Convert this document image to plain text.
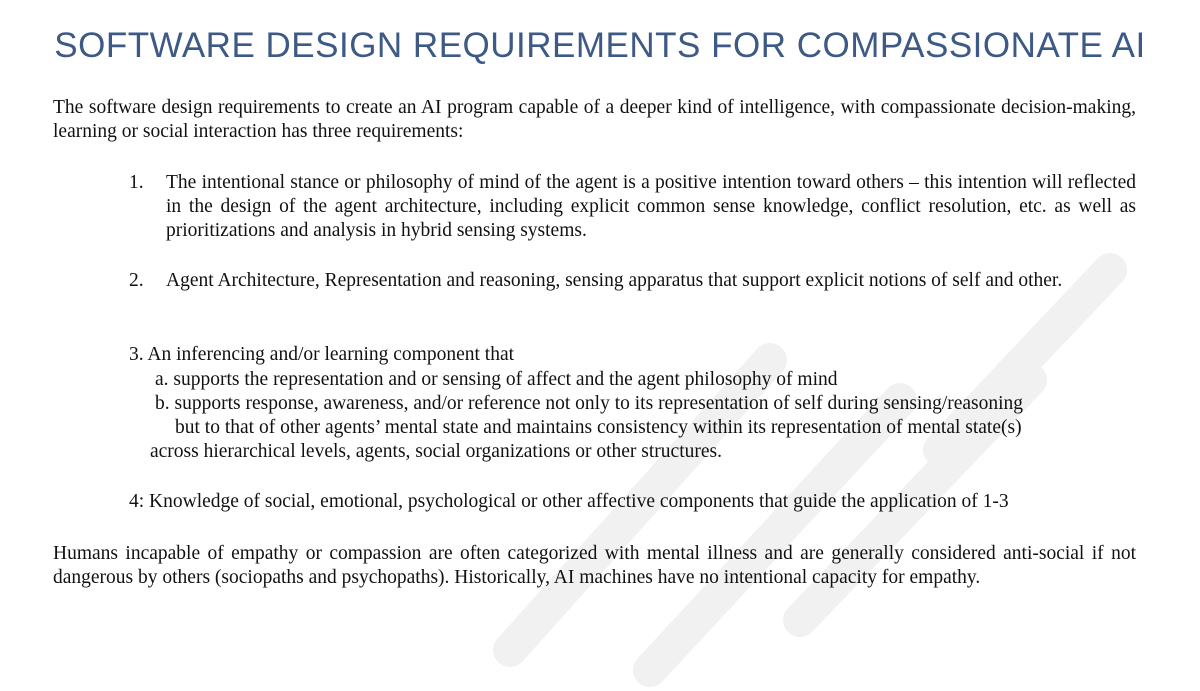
SOFTWARE DESIGN REQUIREMENTS FOR COMPASSIONATE AI
The software design requirements to create an AI program capable of a deeper kind of intelligence, with compassionate decision-making, learning or social interaction has three requirements:
1. The intentional stance or philosophy of mind of the agent is a positive intention toward others – this intention will reflected in the design of the agent architecture, including explicit common sense knowledge, conflict resolution, etc. as well as prioritizations and analysis in hybrid sensing systems.
2. Agent Architecture, Representation and reasoning, sensing apparatus that support explicit notions of self and other.
3. An inferencing and/or learning component that
a. supports the representation and or sensing of affect and the agent philosophy of mind
b. supports response, awareness, and/or reference not only to its representation of self during sensing/reasoning
but to that of other agents’ mental state and maintains consistency within its representation of mental state(s)
across hierarchical levels, agents, social organizations or other structures.
4: Knowledge of social, emotional, psychological or other affective components that guide the application of 1-3
Humans incapable of empathy or compassion are often categorized with mental illness and are generally considered anti-social if not dangerous by others (sociopaths and psychopaths). Historically, AI machines have no intentional capacity for empathy.
